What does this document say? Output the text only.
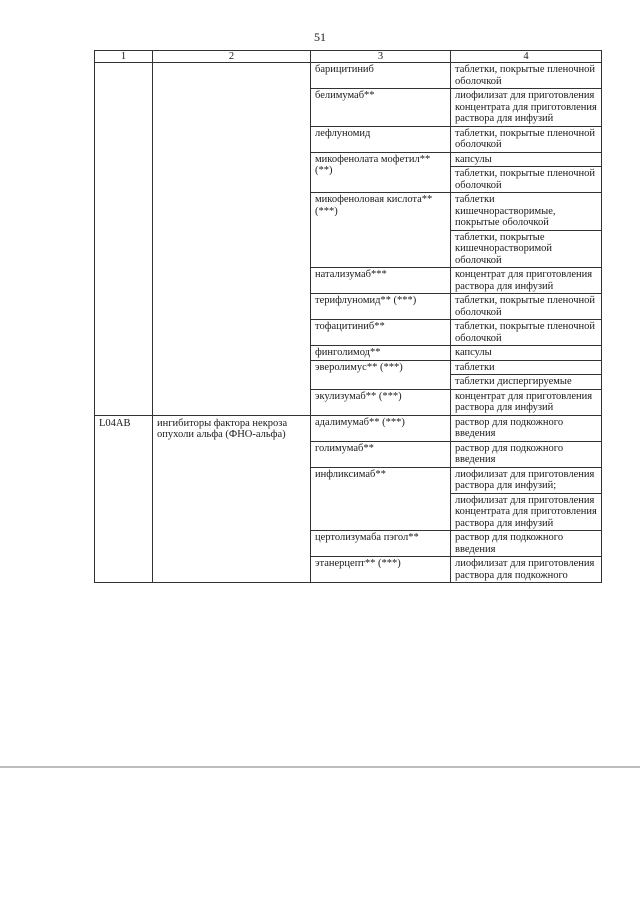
51
1	2	3	4
		барицитиниб	таблетки, покрытые пленочной оболочкой
		белимумаб**	лиофилизат для приготовления концентрата для приготовления раствора для инфузий
		лефлуномид	таблетки, покрытые пленочной оболочкой
		микофенолата мофетил** (**)	капсулы
			таблетки, покрытые пленочной оболочкой
		микофеноловая кислота** (***)	таблетки кишечнорастворимые, покрытые оболочкой
			таблетки, покрытые кишечнорастворимой оболочкой
		натализумаб***	концентрат для приготовления раствора для инфузий
		терифлуномид** (***)	таблетки, покрытые пленочной оболочкой
		тофацитиниб**	таблетки, покрытые пленочной оболочкой
		финголимод**	капсулы
		эверолимус** (***)	таблетки
			таблетки диспергируемые
		экулизумаб** (***)	концентрат для приготовления раствора для инфузий
L04AB	ингибиторы фактора некроза опухоли альфа (ФНО-альфа)	адалимумаб** (***)	раствор для подкожного введения
		голимумаб**	раствор для подкожного введения
		инфликсимаб**	лиофилизат для приготовления раствора для инфузий;
			лиофилизат для приготовления концентрата для приготовления раствора для инфузий
		цертолизумаба пэгол**	раствор для подкожного введения
		этанерцепт** (***)	лиофилизат для приготовления раствора для подкожного
